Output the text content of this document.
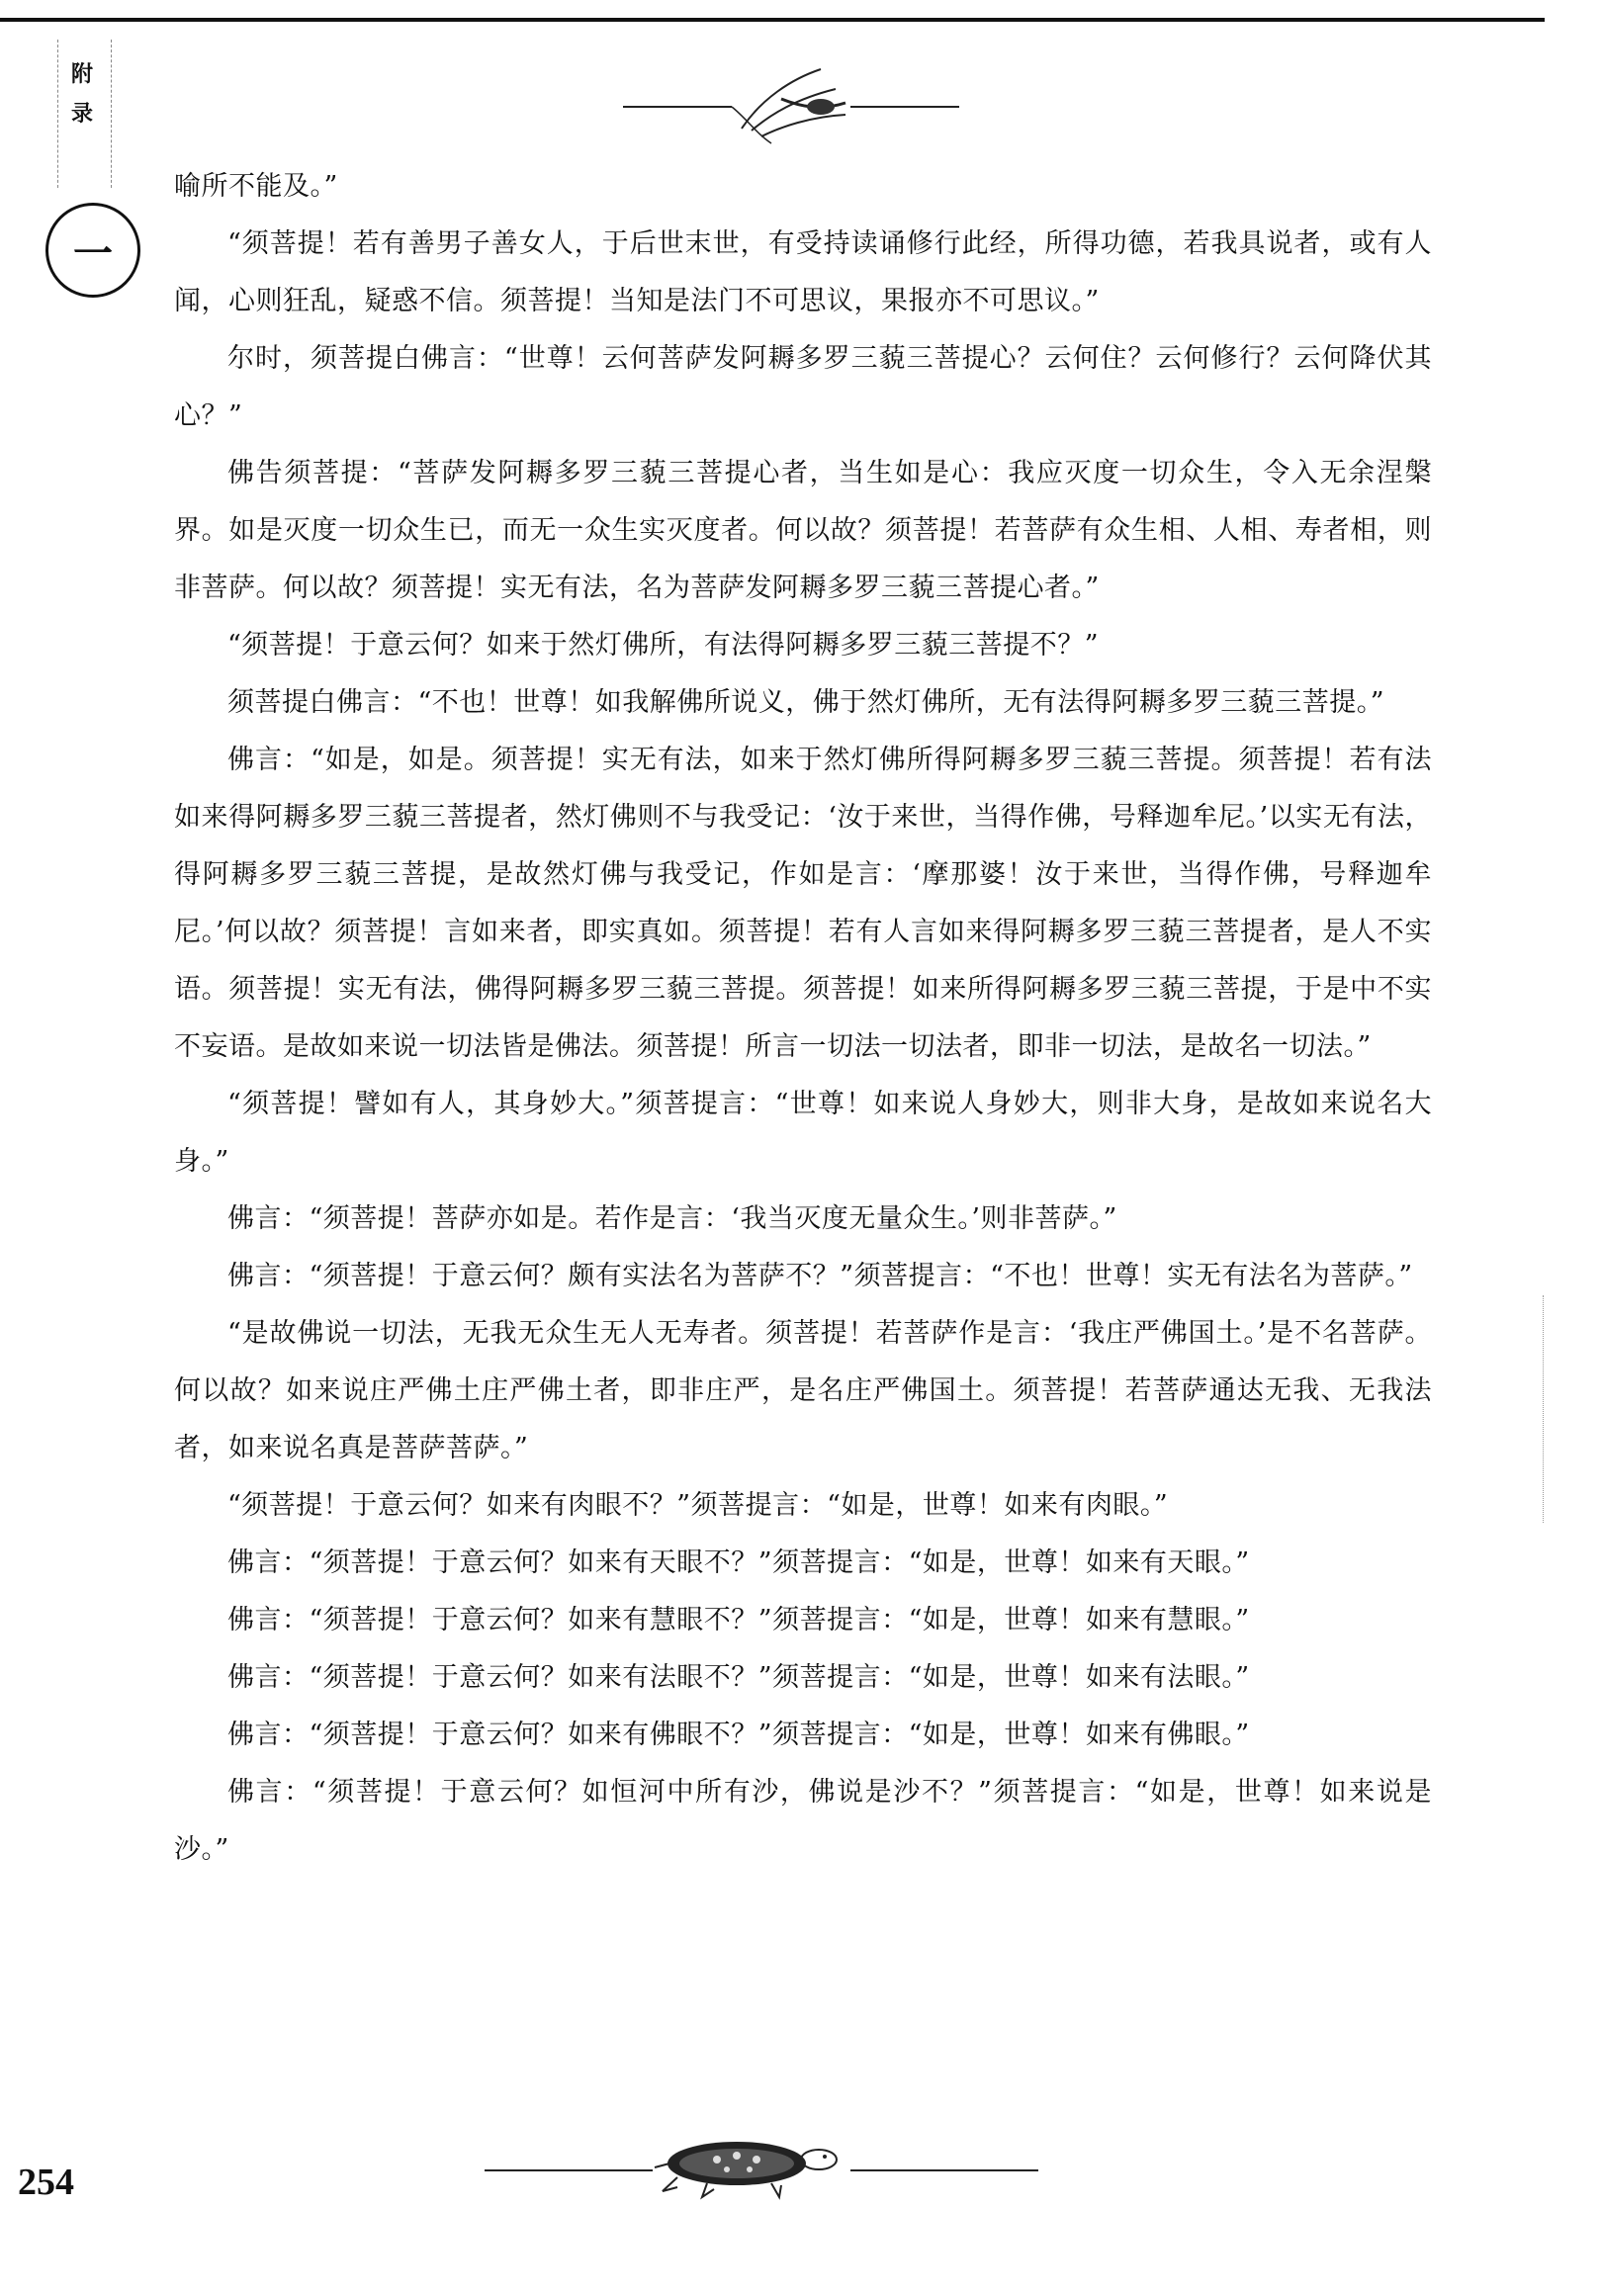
附
录
一

喻所不能及。”

“须菩提！若有善男子善女人，于后世末世，有受持读诵修行此经，所得功德，若我具说者，或有人闻，心则狂乱，疑惑不信。须菩提！当知是法门不可思议，果报亦不可思议。”

尔时，须菩提白佛言：“世尊！云何菩萨发阿耨多罗三藐三菩提心？云何住？云何修行？云何降伏其心？”

佛告须菩提：“菩萨发阿耨多罗三藐三菩提心者，当生如是心：我应灭度一切众生，令入无余涅槃界。如是灭度一切众生已，而无一众生实灭度者。何以故？须菩提！若菩萨有众生相、人相、寿者相，则非菩萨。何以故？须菩提！实无有法，名为菩萨发阿耨多罗三藐三菩提心者。”

“须菩提！于意云何？如来于然灯佛所，有法得阿耨多罗三藐三菩提不？”

须菩提白佛言：“不也！世尊！如我解佛所说义，佛于然灯佛所，无有法得阿耨多罗三藐三菩提。”

佛言：“如是，如是。须菩提！实无有法，如来于然灯佛所得阿耨多罗三藐三菩提。须菩提！若有法如来得阿耨多罗三藐三菩提者，然灯佛则不与我受记：‘汝于来世，当得作佛，号释迦牟尼。’以实无有法，得阿耨多罗三藐三菩提，是故然灯佛与我受记，作如是言：‘摩那婆！汝于来世，当得作佛，号释迦牟尼。’何以故？须菩提！言如来者，即实真如。须菩提！若有人言如来得阿耨多罗三藐三菩提者，是人不实语。须菩提！实无有法，佛得阿耨多罗三藐三菩提。须菩提！如来所得阿耨多罗三藐三菩提，于是中不实不妄语。是故如来说一切法皆是佛法。须菩提！所言一切法一切法者，即非一切法，是故名一切法。”

“须菩提！譬如有人，其身妙大。”须菩提言：“世尊！如来说人身妙大，则非大身，是故如来说名大身。”

佛言：“须菩提！菩萨亦如是。若作是言：‘我当灭度无量众生。’则非菩萨。”

佛言：“须菩提！于意云何？颇有实法名为菩萨不？”须菩提言：“不也！世尊！实无有法名为菩萨。”

“是故佛说一切法，无我无众生无人无寿者。须菩提！若菩萨作是言：‘我庄严佛国土。’是不名菩萨。何以故？如来说庄严佛土庄严佛土者，即非庄严，是名庄严佛国土。须菩提！若菩萨通达无我、无我法者，如来说名真是菩萨菩萨。”

“须菩提！于意云何？如来有肉眼不？”须菩提言：“如是，世尊！如来有肉眼。”

佛言：“须菩提！于意云何？如来有天眼不？”须菩提言：“如是，世尊！如来有天眼。”

佛言：“须菩提！于意云何？如来有慧眼不？”须菩提言：“如是，世尊！如来有慧眼。”

佛言：“须菩提！于意云何？如来有法眼不？”须菩提言：“如是，世尊！如来有法眼。”

佛言：“须菩提！于意云何？如来有佛眼不？”须菩提言：“如是，世尊！如来有佛眼。”

佛言：“须菩提！于意云何？如恒河中所有沙，佛说是沙不？”须菩提言：“如是，世尊！如来说是沙。”

254
